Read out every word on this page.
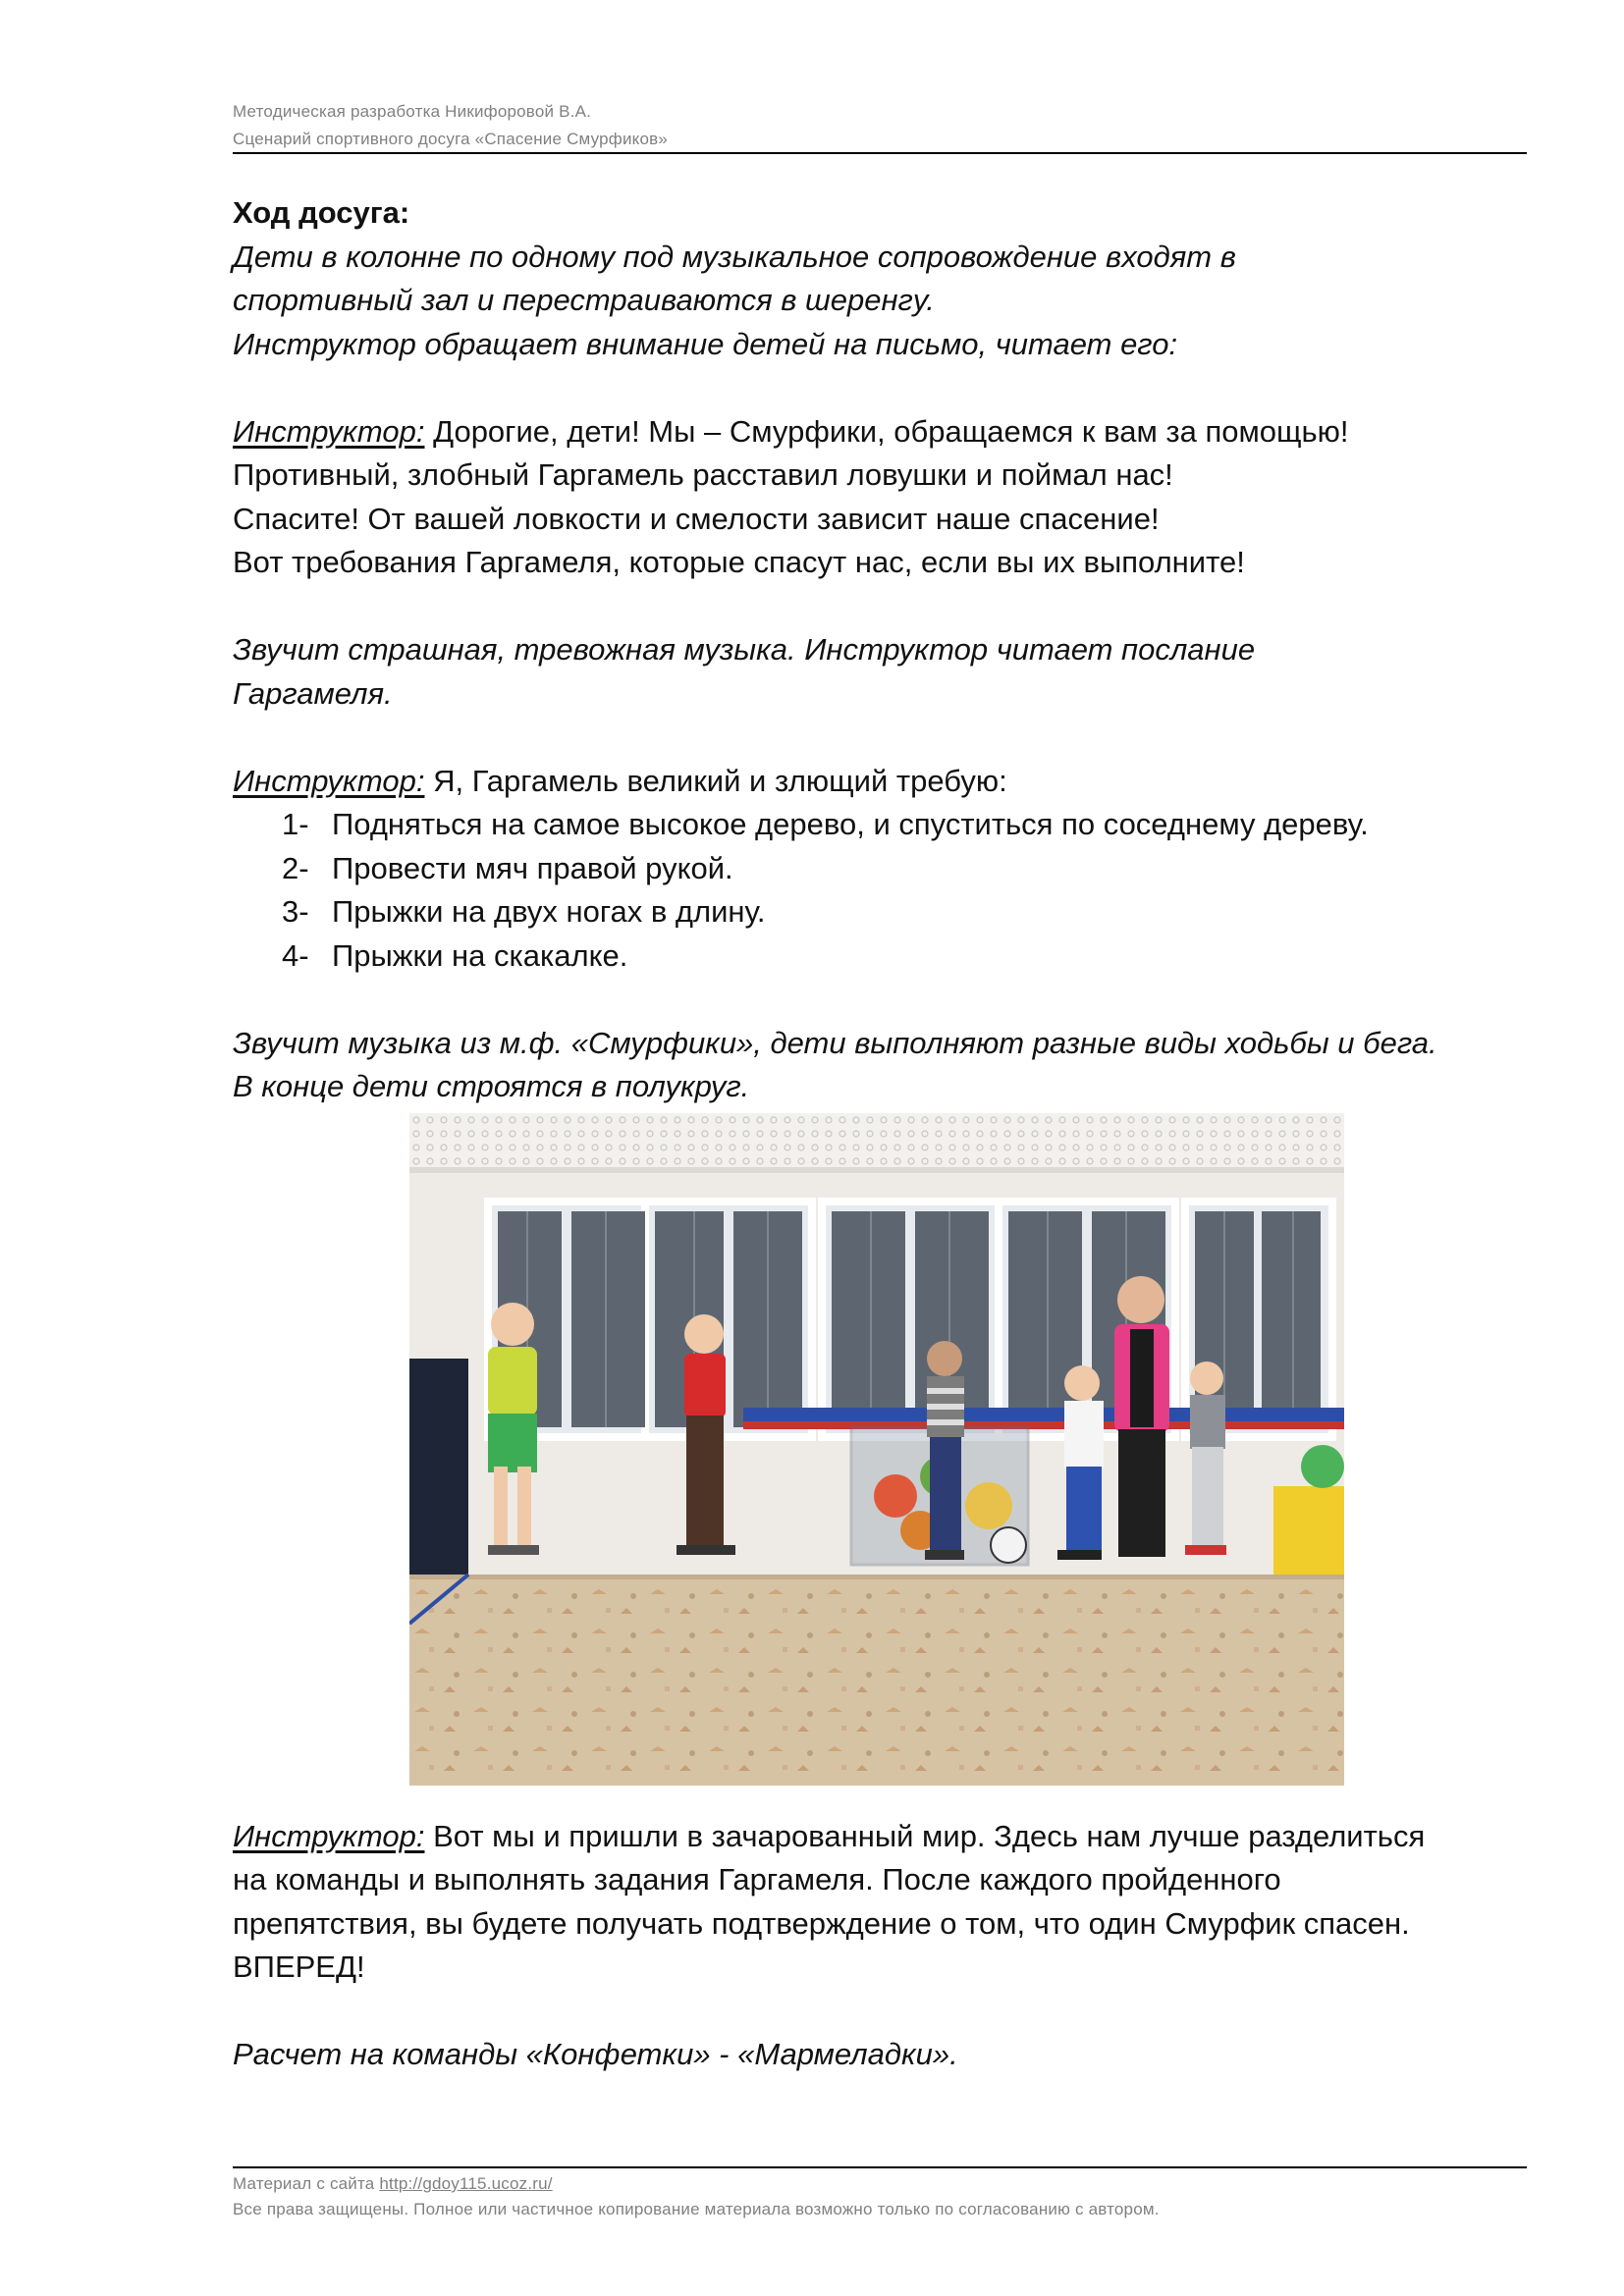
Методическая разработка Никифоровой В.А.
Сценарий спортивного досуга «Спасение Смурфиков»

Ход досуга:

Дети в колонне по одному под музыкальное сопровождение входят в

спортивный зал и перестраиваются в шеренгу.

Инструктор обращает внимание детей на письмо, читает его:

Инструктор: Дорогие, дети! Мы – Смурфики, обращаемся к вам за помощью!

Противный, злобный Гаргамель расставил ловушки и поймал нас!

Спасите! От вашей ловкости и смелости зависит наше спасение!

Вот требования Гаргамеля, которые спасут нас, если вы их выполните!

Звучит страшная, тревожная музыка. Инструктор читает послание

Гаргамеля.

Инструктор: Я, Гаргамель великий и злющий требую:

1- Подняться на самое высокое дерево, и спуститься по соседнему дереву.
2- Провести мяч правой рукой.
3- Прыжки на двух ногах в длину.
4- Прыжки на скакалке.

Звучит музыка из м.ф. «Смурфики», дети выполняют разные виды ходьбы и бега.

В конце дети строятся в полукруг.

Инструктор: Вот мы и пришли в зачарованный мир. Здесь нам лучше разделиться

на команды и выполнять задания Гаргамеля. После каждого пройденного

препятствия, вы будете получать подтверждение о том, что один Смурфик спасен.

ВПЕРЕД!

Расчет на команды «Конфетки» - «Мармеладки».

Материал с сайта http://gdoy115.ucoz.ru/
Все права защищены. Полное или частичное копирование материала возможно только по согласованию с автором.
